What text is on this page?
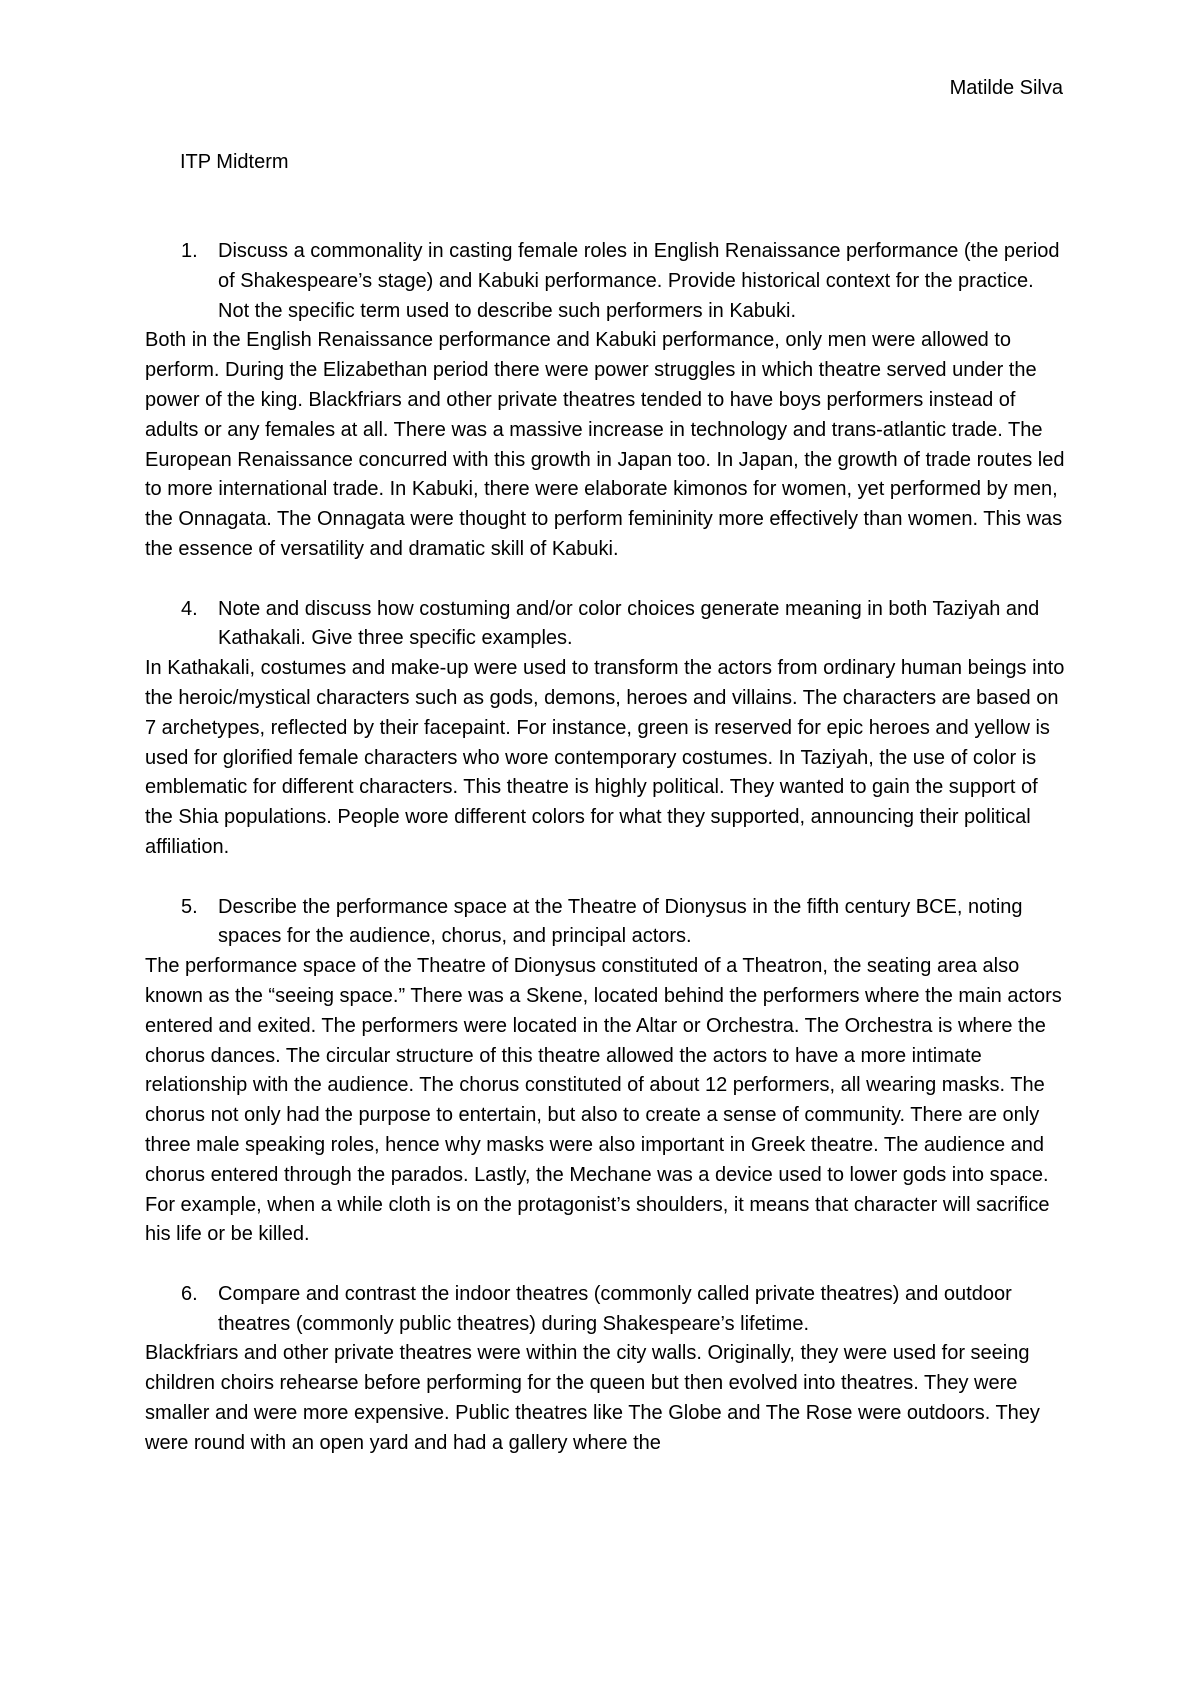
Matilde Silva
ITP Midterm
1. Discuss a commonality in casting female roles in English Renaissance performance (the period of Shakespeare’s stage) and Kabuki performance. Provide historical context for the practice. Not the specific term used to describe such performers in Kabuki.

Both in the English Renaissance performance and Kabuki performance, only men were allowed to perform. During the Elizabethan period there were power struggles in which theatre served under the power of the king. Blackfriars and other private theatres tended to have boys performers instead of adults or any females at all. There was a massive increase in technology and trans-atlantic trade. The European Renaissance concurred with this growth in Japan too. In Japan, the growth of trade routes led to more international trade. In Kabuki, there were elaborate kimonos for women, yet performed by men, the Onnagata. The Onnagata were thought to perform femininity more effectively than women. This was the essence of versatility and dramatic skill of Kabuki.

4. Note and discuss how costuming and/or color choices generate meaning in both Taziyah and Kathakali. Give three specific examples.

In Kathakali, costumes and make-up were used to transform the actors from ordinary human beings into the heroic/mystical characters such as gods, demons, heroes and villains. The characters are based on 7 archetypes, reflected by their facepaint. For instance, green is reserved for epic heroes and yellow is used for glorified female characters who wore contemporary costumes. In Taziyah, the use of color is emblematic for different characters. This theatre is highly political. They wanted to gain the support of the Shia populations. People wore different colors for what they supported, announcing their political affiliation.

5. Describe the performance space at the Theatre of Dionysus in the fifth century BCE, noting spaces for the audience, chorus, and principal actors.

The performance space of the Theatre of Dionysus constituted of a Theatron, the seating area also known as the “seeing space.” There was a Skene, located behind the performers where the main actors entered and exited. The performers were located in the Altar or Orchestra. The Orchestra is where the chorus dances. The circular structure of this theatre allowed the actors to have a more intimate relationship with the audience. The chorus constituted of about 12 performers, all wearing masks. The chorus not only had the purpose to entertain, but also to create a sense of community. There are only three male speaking roles, hence why masks were also important in Greek theatre. The audience and chorus entered through the parados. Lastly, the Mechane was a device used to lower gods into space. For example, when a while cloth is on the protagonist’s shoulders, it means that character will sacrifice his life or be killed.

6. Compare and contrast the indoor theatres (commonly called private theatres) and outdoor theatres (commonly public theatres) during Shakespeare’s lifetime.

Blackfriars and other private theatres were within the city walls. Originally, they were used for seeing children choirs rehearse before performing for the queen but then evolved into theatres. They were smaller and were more expensive. Public theatres like The Globe and The Rose were outdoors. They were round with an open yard and had a gallery where the
